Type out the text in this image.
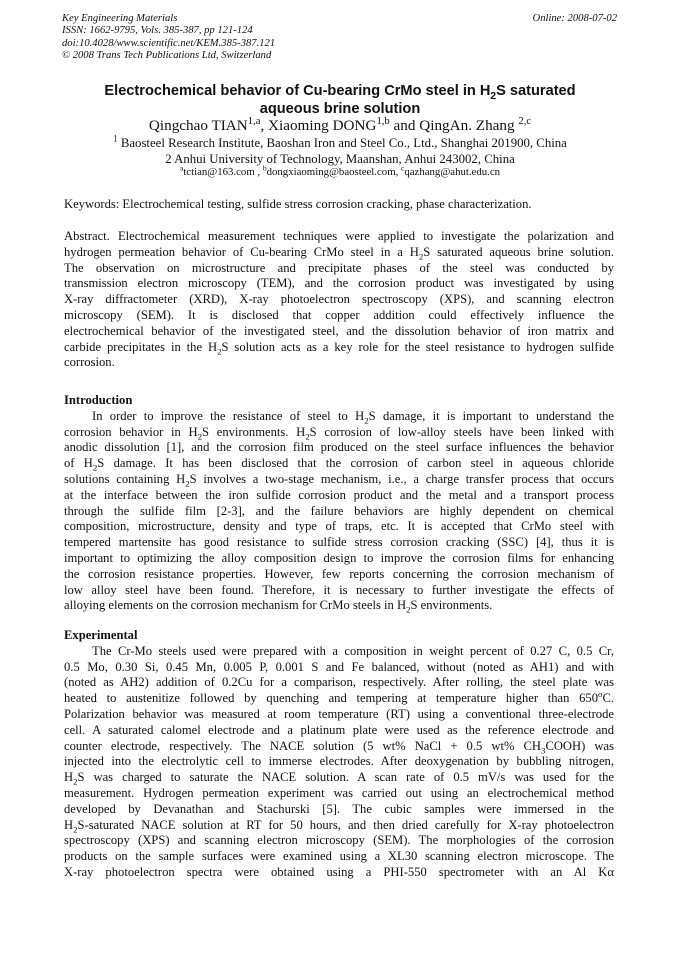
Key Engineering Materials	Online: 2008-07-02
ISSN: 1662-9795, Vols. 385-387, pp 121-124
doi:10.4028/www.scientific.net/KEM.385-387.121
© 2008 Trans Tech Publications Ltd, Switzerland
Electrochemical behavior of Cu-bearing CrMo steel in $H_2S$ saturated
aqueous brine solution
Qingchao TIAN$^{1,a}$, Xiaoming DONG$^{1,b}$ and QingAn. Zhang $^{2,c}$
$^1$ Baosteel Research Institute, Baoshan Iron and Steel Co., Ltd., Shanghai 201900, China
2 Anhui University of Technology, Maanshan, Anhui 243002, China
$^a$tctian@163.com , $^b$dongxiaoming@baosteel.com, $^c$qazhang@ahut.edu.cn
Keywords: Electrochemical testing, sulfide stress corrosion cracking, phase characterization.
Abstract. Electrochemical measurement techniques were applied to investigate the polarization and
hydrogen permeation behavior of Cu-bearing CrMo steel in a $H_2S$ saturated aqueous brine solution.
The observation on microstructure and precipitate phases of the steel was conducted by
transmission electron microscopy (TEM), and the corrosion product was investigated by using
X-ray diffractometer (XRD), X-ray photoelectron spectroscopy (XPS), and scanning electron
microscopy (SEM). It is disclosed that copper addition could effectively influence the
electrochemical behavior of the investigated steel, and the dissolution behavior of iron matrix and
carbide precipitates in the $H_2S$ solution acts as a key role for the steel resistance to hydrogen sulfide
corrosion.
Introduction
In order to improve the resistance of steel to $H_2S$ damage, it is important to understand the
corrosion behavior in $H_2S$ environments. $H_2S$ corrosion of low-alloy steels have been linked with
anodic dissolution [1], and the corrosion film produced on the steel surface influences the behavior
of $H_2S$ damage. It has been disclosed that the corrosion of carbon steel in aqueous chloride
solutions containing $H_2S$ involves a two-stage mechanism, i.e., a charge transfer process that occurs
at the interface between the iron sulfide corrosion product and the metal and a transport process
through the sulfide film [2-3], and the failure behaviors are highly dependent on chemical
composition, microstructure, density and type of traps, etc. It is accepted that CrMo steel with
tempered martensite has good resistance to sulfide stress corrosion cracking (SSC) [4], thus it is
important to optimizing the alloy composition design to improve the corrosion films for enhancing
the corrosion resistance properties. However, few reports concerning the corrosion mechanism of
low alloy steel have been found. Therefore, it is necessary to further investigate the effects of
alloying elements on the corrosion mechanism for CrMo steels in $H_2S$ environments.
Experimental
The Cr-Mo steels used were prepared with a composition in weight percent of 0.27 C, 0.5 Cr,
0.5 Mo, 0.30 Si, 0.45 Mn, 0.005 P, 0.001 S and Fe balanced, without (noted as AH1) and with
(noted as AH2) addition of 0.2Cu for a comparison, respectively. After rolling, the steel plate was
heated to austenitize followed by quenching and tempering at temperature higher than 650$^o$C.
Polarization behavior was measured at room temperature (RT) using a conventional three-electrode
cell. A saturated calomel electrode and a platinum plate were used as the reference electrode and
counter electrode, respectively. The NACE solution (5 wt% NaCl + 0.5 wt% $CH_3COOH$) was
injected into the electrolytic cell to immerse electrodes. After deoxygenation by bubbling nitrogen,
$H_2S$ was charged to saturate the NACE solution. A scan rate of 0.5 mV/s was used for the
measurement. Hydrogen permeation experiment was carried out using an electrochemical method
developed by Devanathan and Stachurski [5]. The cubic samples were immersed in the
$H_2S$-saturated NACE solution at RT for 50 hours, and then dried carefully for X-ray photoelectron
spectroscopy (XPS) and scanning electron microscopy (SEM). The morphologies of the corrosion
products on the sample surfaces were examined using a XL30 scanning electron microscope. The
X-ray photoelectron spectra were obtained using a PHI-550 spectrometer with an Al Kα
